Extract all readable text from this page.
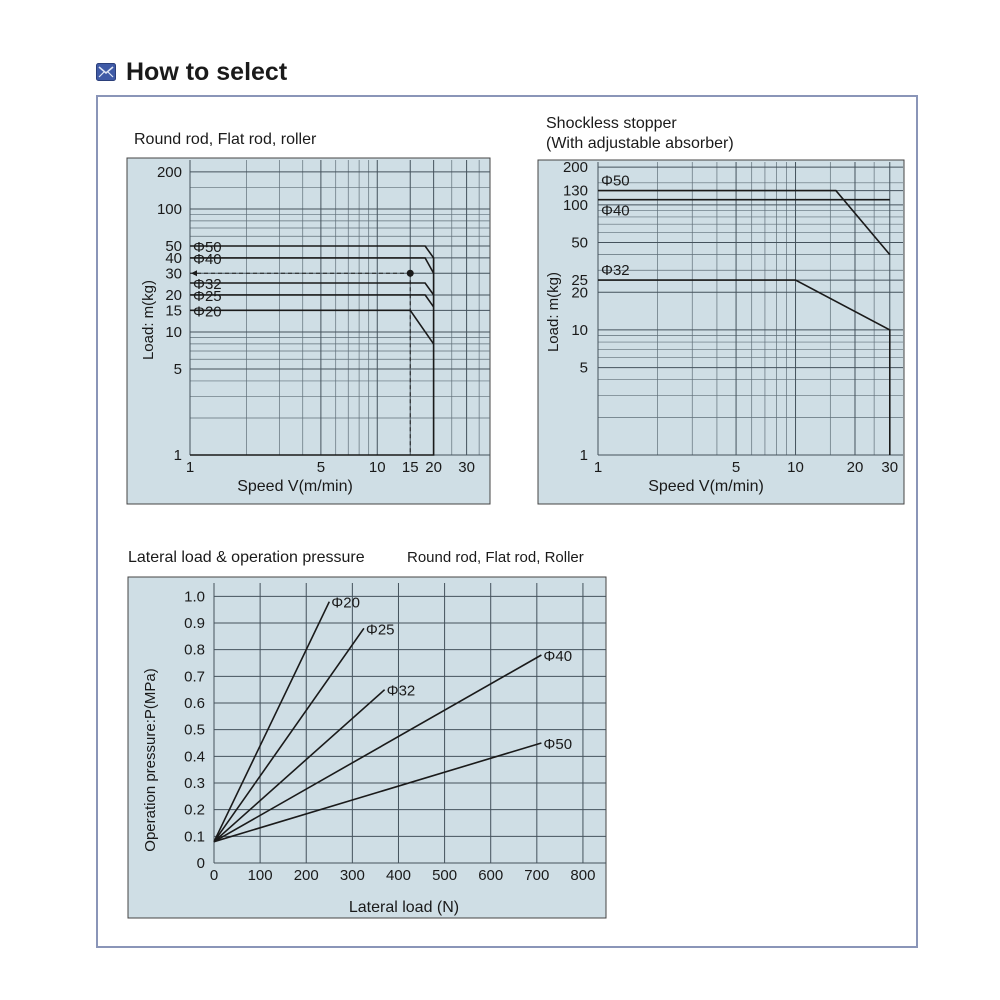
How to select
Round rod, Flat rod, roller
Shockless stopper
(With adjustable absorber)
Lateral load & operation pressure	Round rod, Flat rod, Roller
1	5	10 15 20 30
1
5
10
15
20
30
40
50
100
200
Speed V(m/min)
Load: m(kg)
Φ50
Φ40
Φ32
Φ25
Φ20
1	5	10	20 30
1
5
10
20
25
50
100
130
200
Speed V(m/min)
Load: m(kg)
Φ50
Φ40
Φ32
0 100 200 300 400 500 600 700 800
0
0.1
0.2
0.3
0.4
0.5
0.6
0.7
0.8
0.9
1.0
Lateral load (N)
Operation pressure:P(MPa)
Φ20
Φ25
Φ32
Φ40
Φ50
